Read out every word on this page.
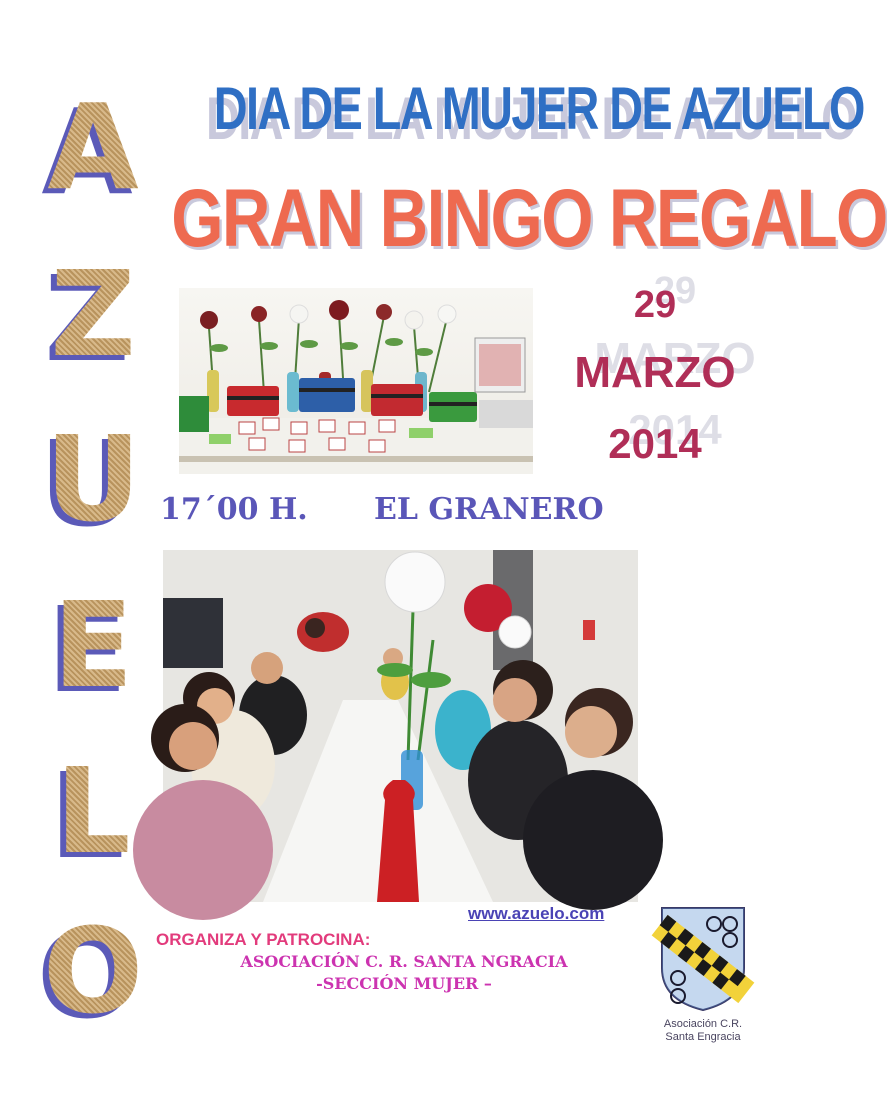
A
Z
U
E
L
O
DIA DE LA MUJER DE AZUELO
GRAN BINGO REGALO
29
MARZO
2014
17´00 H. EL GRANERO
www.azuelo.com
ORGANIZA Y PATROCINA:
ASOCIACIÓN C. R. SANTA NGRACIA
-SECCIÓN MUJER –
Asociación C.R. Santa Engracia
